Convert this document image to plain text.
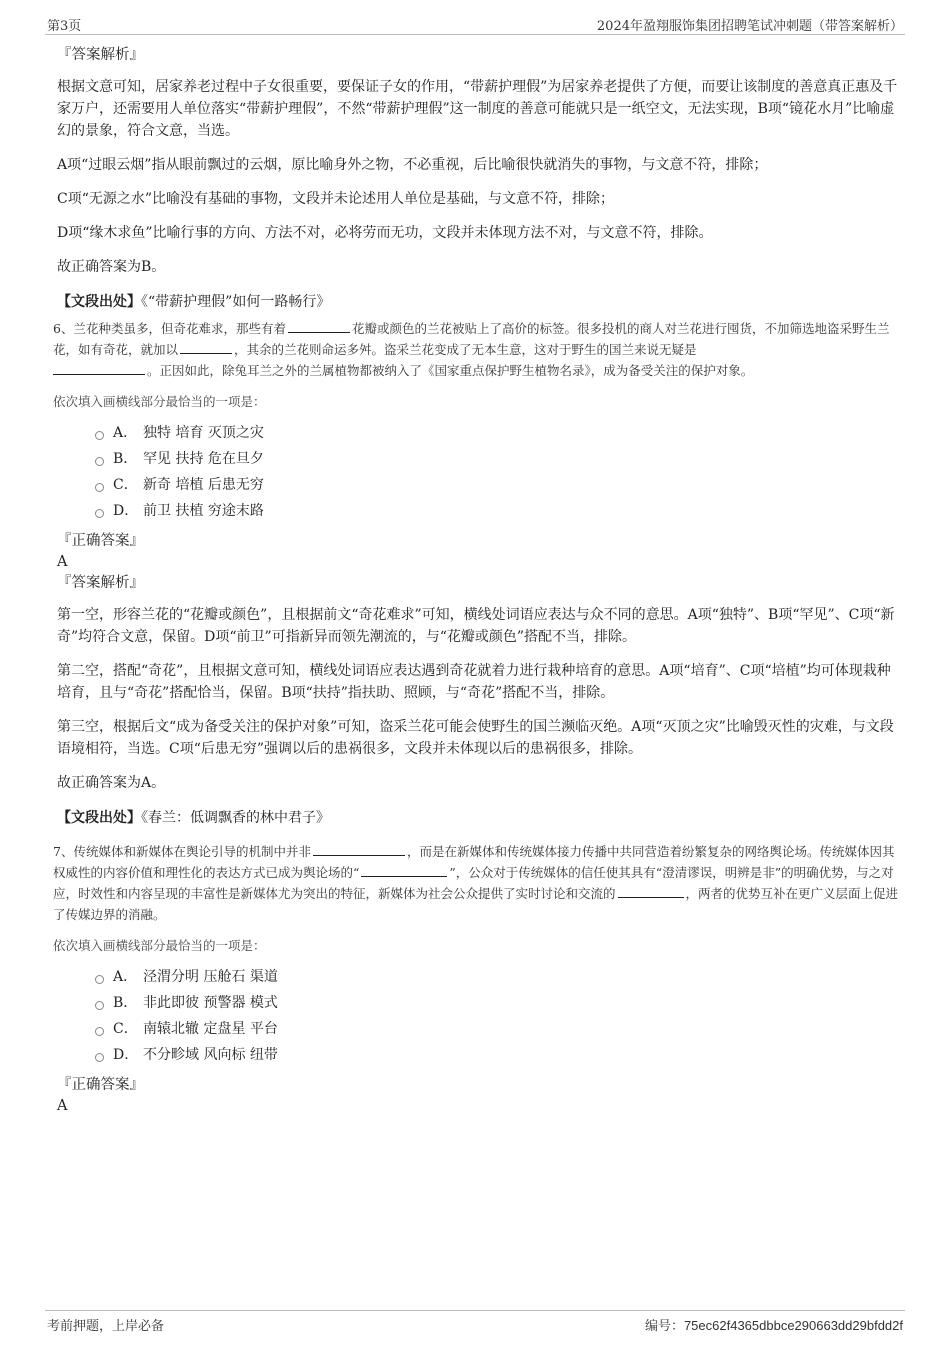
第3页	2024年盈翔服饰集团招聘笔试冲刺题（带答案解析）

『答案解析』

根据文意可知，居家养老过程中子女很重要，要保证子女的作用，“带薪护理假”为居家养老提供了方便，而要让该制度的善意真正惠及千家万户，还需要用人单位落实“带薪护理假”，不然“带薪护理假”这一制度的善意可能就只是一纸空文，无法实现，B项“镜花水月”比喻虚幻的景象，符合文意，当选。

A项“过眼云烟”指从眼前飘过的云烟，原比喻身外之物，不必重视，后比喻很快就消失的事物，与文意不符，排除；

C项“无源之水”比喻没有基础的事物，文段并未论述用人单位是基础，与文意不符，排除；

D项“缘木求鱼”比喻行事的方向、方法不对，必将劳而无功，文段并未体现方法不对，与文意不符，排除。

故正确答案为B。

【文段出处】《“带薪护理假”如何一路畅行》

6、兰花种类虽多，但奇花难求，那些有着	花瓣或颜色的兰花被贴上了高价的标签。很多投机的商人对兰花进行囤货，不加筛选地盗采野生兰花，如有奇花，就加以	，其余的兰花则命运多舛。盗采兰花变成了无本生意，这对于野生的国兰来说无疑是
。正因如此，除兔耳兰之外的兰属植物都被纳入了《国家重点保护野生植物名录》，成为备受关注的保护对象。

依次填入画横线部分最恰当的一项是：

A． 独特 培育 灭顶之灾
B． 罕见 扶持 危在旦夕
C． 新奇 培植 后患无穷
D． 前卫 扶植 穷途末路

『正确答案』

A

『答案解析』

第一空，形容兰花的“花瓣或颜色”，且根据前文“奇花难求”可知，横线处词语应表达与众不同的意思。A项“独特”、B项“罕见”、C项“新奇”均符合文意，保留。D项“前卫”可指新异而领先潮流的，与“花瓣或颜色”搭配不当，排除。

第二空，搭配“奇花”，且根据文意可知，横线处词语应表达遇到奇花就着力进行栽种培育的意思。A项“培育”、C项“培植”均可体现栽种培育，且与“奇花”搭配恰当，保留。B项“扶持”指扶助、照顾，与“奇花”搭配不当，排除。

第三空，根据后文“成为备受关注的保护对象”可知，盗采兰花可能会使野生的国兰濒临灭绝。A项“灭顶之灾”比喻毁灭性的灾难，与文段语境相符，当选。C项“后患无穷”强调以后的患祸很多，文段并未体现以后的患祸很多，排除。

故正确答案为A。

【文段出处】《春兰：低调飘香的林中君子》

7、传统媒体和新媒体在舆论引导的机制中并非	，而是在新媒体和传统媒体接力传播中共同营造着纷繁复杂的网络舆论场。传统媒体因其权威性的内容价值和理性化的表达方式已成为舆论场的“	”，公众对于传统媒体的信任使其具有“澄清谬误，明辨是非”的明确优势，与之对应，时效性和内容呈现的丰富性是新媒体尤为突出的特征，新媒体为社会公众提供了实时讨论和交流的	，两者的优势互补在更广义层面上促进了传媒边界的消融。

依次填入画横线部分最恰当的一项是：

A． 泾渭分明 压舱石 渠道
B． 非此即彼 预警器 模式
C． 南辕北辙 定盘星 平台
D． 不分畛域 风向标 纽带

『正确答案』

A

考前押题，上岸必备	编号：75ec62f4365dbbce290663dd29bfdd2f
